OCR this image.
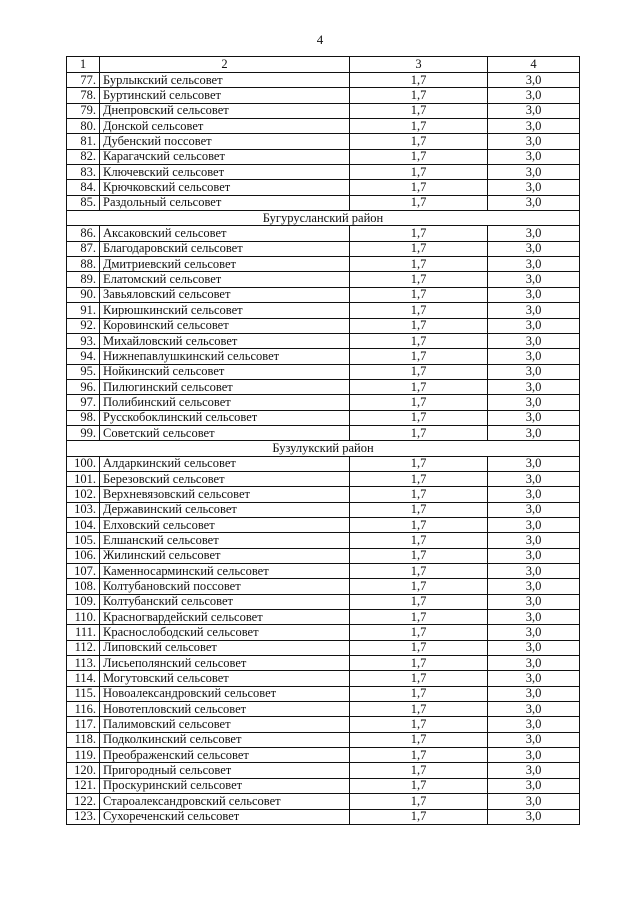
4
1	2	3	4
77.	Бурлыкский сельсовет	1,7	3,0
78.	Буртинский сельсовет	1,7	3,0
79.	Днепровский сельсовет	1,7	3,0
80.	Донской сельсовет	1,7	3,0
81.	Дубенский поссовет	1,7	3,0
82.	Карагачский сельсовет	1,7	3,0
83.	Ключевский сельсовет	1,7	3,0
84.	Крючковский сельсовет	1,7	3,0
85.	Раздольный сельсовет	1,7	3,0
Бугурусланский район			
86.	Аксаковский сельсовет	1,7	3,0
87.	Благодаровский сельсовет	1,7	3,0
88.	Дмитриевский сельсовет	1,7	3,0
89.	Елатомский сельсовет	1,7	3,0
90.	Завьяловский сельсовет	1,7	3,0
91.	Кирюшкинский сельсовет	1,7	3,0
92.	Коровинский сельсовет	1,7	3,0
93.	Михайловский сельсовет	1,7	3,0
94.	Нижнепавлушкинский сельсовет	1,7	3,0
95.	Нойкинский сельсовет	1,7	3,0
96.	Пилюгинский сельсовет	1,7	3,0
97.	Полибинский сельсовет	1,7	3,0
98.	Русскобоклинский сельсовет	1,7	3,0
99.	Советский сельсовет	1,7	3,0
Бузулукский район			
100.	Алдаркинский сельсовет	1,7	3,0
101.	Березовский сельсовет	1,7	3,0
102.	Верхневязовский сельсовет	1,7	3,0
103.	Державинский сельсовет	1,7	3,0
104.	Елховский сельсовет	1,7	3,0
105.	Елшанский сельсовет	1,7	3,0
106.	Жилинский сельсовет	1,7	3,0
107.	Каменносарминский сельсовет	1,7	3,0
108.	Колтубановский поссовет	1,7	3,0
109.	Колтубанский сельсовет	1,7	3,0
110.	Красногвардейский сельсовет	1,7	3,0
111.	Краснослободский сельсовет	1,7	3,0
112.	Липовский сельсовет	1,7	3,0
113.	Лисьеполянский сельсовет	1,7	3,0
114.	Могутовский сельсовет	1,7	3,0
115.	Новоалександровский сельсовет	1,7	3,0
116.	Новотепловский сельсовет	1,7	3,0
117.	Палимовский сельсовет	1,7	3,0
118.	Подколкинский сельсовет	1,7	3,0
119.	Преображенский сельсовет	1,7	3,0
120.	Пригородный сельсовет	1,7	3,0
121.	Проскуринский сельсовет	1,7	3,0
122.	Староалександровский сельсовет	1,7	3,0
123.	Сухореченский сельсовет	1,7	3,0
